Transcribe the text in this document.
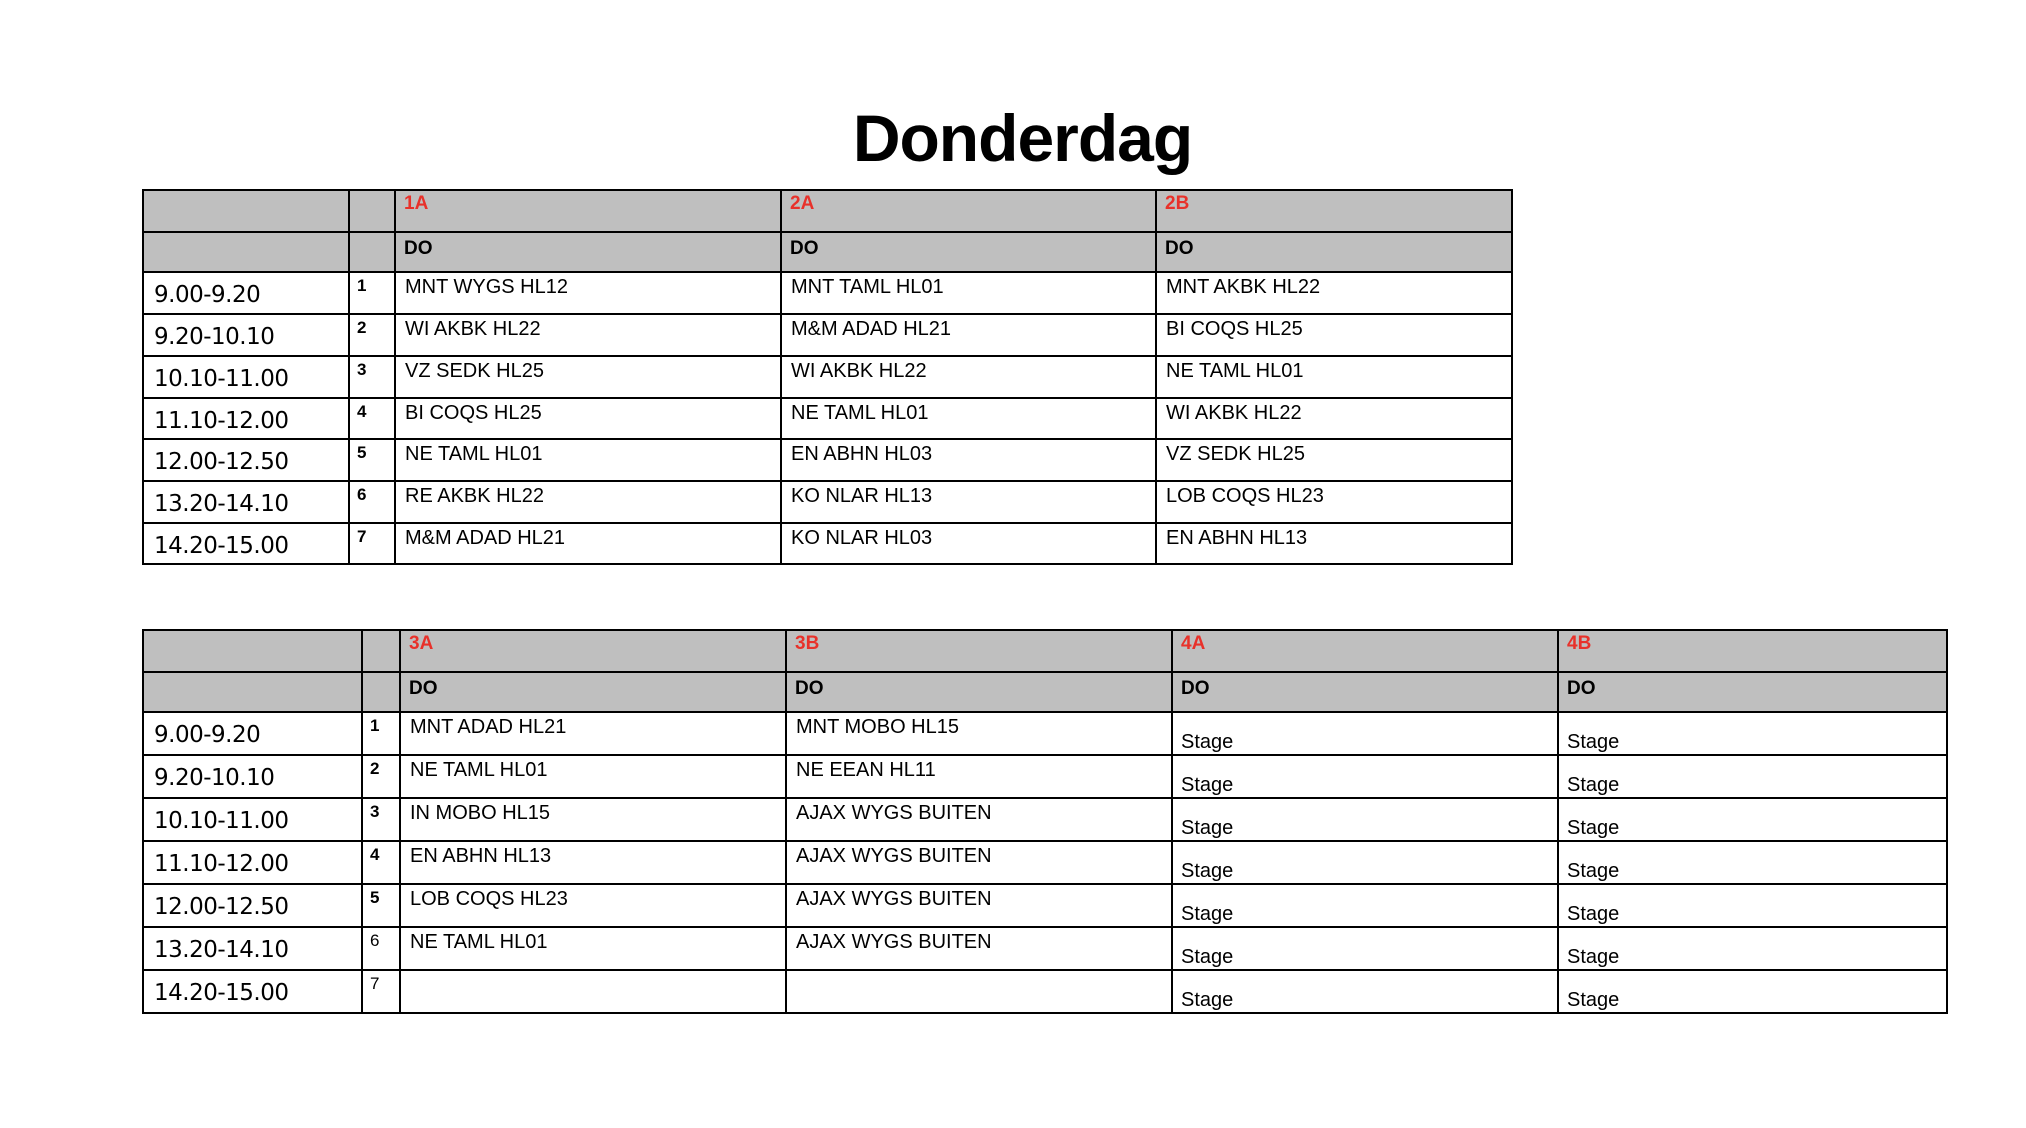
Donderdag

		1A	2A	2B

		DO	DO	DO

9.00-9.20	1	MNT WYGS HL12	MNT TAML HL01	MNT AKBK HL22

9.20-10.10	2	WI AKBK HL22	M&M ADAD HL21	BI COQS HL25

10.10-11.00	3	VZ SEDK HL25	WI AKBK HL22	NE TAML HL01

11.10-12.00	4	BI COQS HL25	NE TAML HL01	WI AKBK HL22

12.00-12.50	5	NE TAML HL01	EN ABHN HL03	VZ SEDK HL25

13.20-14.10	6	RE AKBK HL22	KO NLAR HL13	LOB COQS HL23

14.20-15.00	7	M&M ADAD HL21	KO NLAR HL03	EN ABHN HL13

		3A	3B	4A	4B

		DO	DO	DO	DO

9.00-9.20	1	MNT ADAD HL21	MNT MOBO HL15	Stage	Stage

9.20-10.10	2	NE TAML HL01	NE EEAN HL11	Stage	Stage

10.10-11.00	3	IN MOBO HL15	AJAX WYGS BUITEN	Stage	Stage

11.10-12.00	4	EN ABHN HL13	AJAX WYGS BUITEN	Stage	Stage

12.00-12.50	5	LOB COQS HL23	AJAX WYGS BUITEN	Stage	Stage

13.20-14.10	6	NE TAML HL01	AJAX WYGS BUITEN	Stage	Stage

14.20-15.00	7			Stage	Stage
